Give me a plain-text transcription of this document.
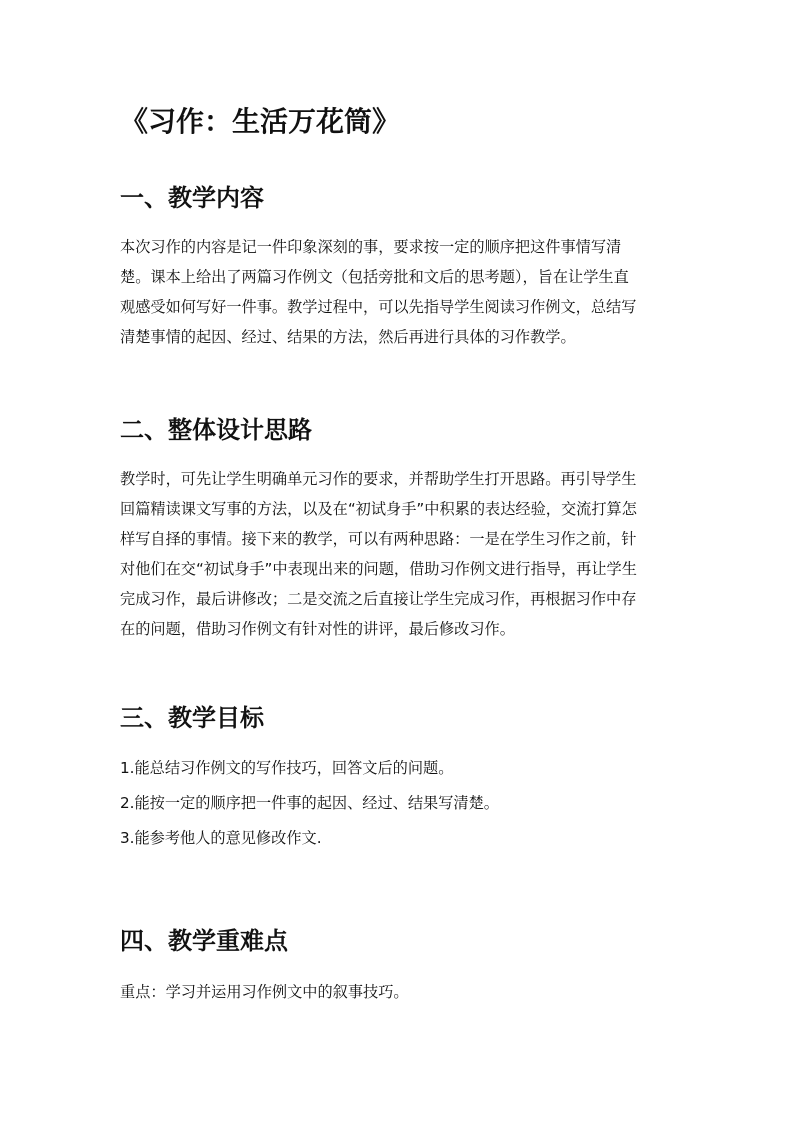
《习作：生活万花筒》
一、教学内容
本次习作的内容是记一件印象深刻的事，要求按一定的顺序把这件事情写清
楚。课本上给出了两篇习作例文（包括旁批和文后的思考题），旨在让学生直
观感受如何写好一件事。教学过程中，可以先指导学生阅读习作例文，总结写
清楚事情的起因、经过、结果的方法，然后再进行具体的习作教学。
二、整体设计思路
教学时，可先让学生明确单元习作的要求，并帮助学生打开思路。再引导学生
回篇精读课文写事的方法，以及在“初试身手”中积累的表达经验，交流打算怎
样写自择的事情。接下来的教学，可以有两种思路：一是在学生习作之前，针
对他们在交“初试身手”中表现出来的问题，借助习作例文进行指导，再让学生
完成习作，最后讲修改；二是交流之后直接让学生完成习作，再根据习作中存
在的问题，借助习作例文有针对性的讲评，最后修改习作。
三、教学目标

1.能总结习作例文的写作技巧，回答文后的问题。

2.能按一定的顺序把一件事的起因、经过、结果写清楚。

3.能参考他人的意见修改作文.

四、教学重难点

重点：学习并运用习作例文中的叙事技巧。
